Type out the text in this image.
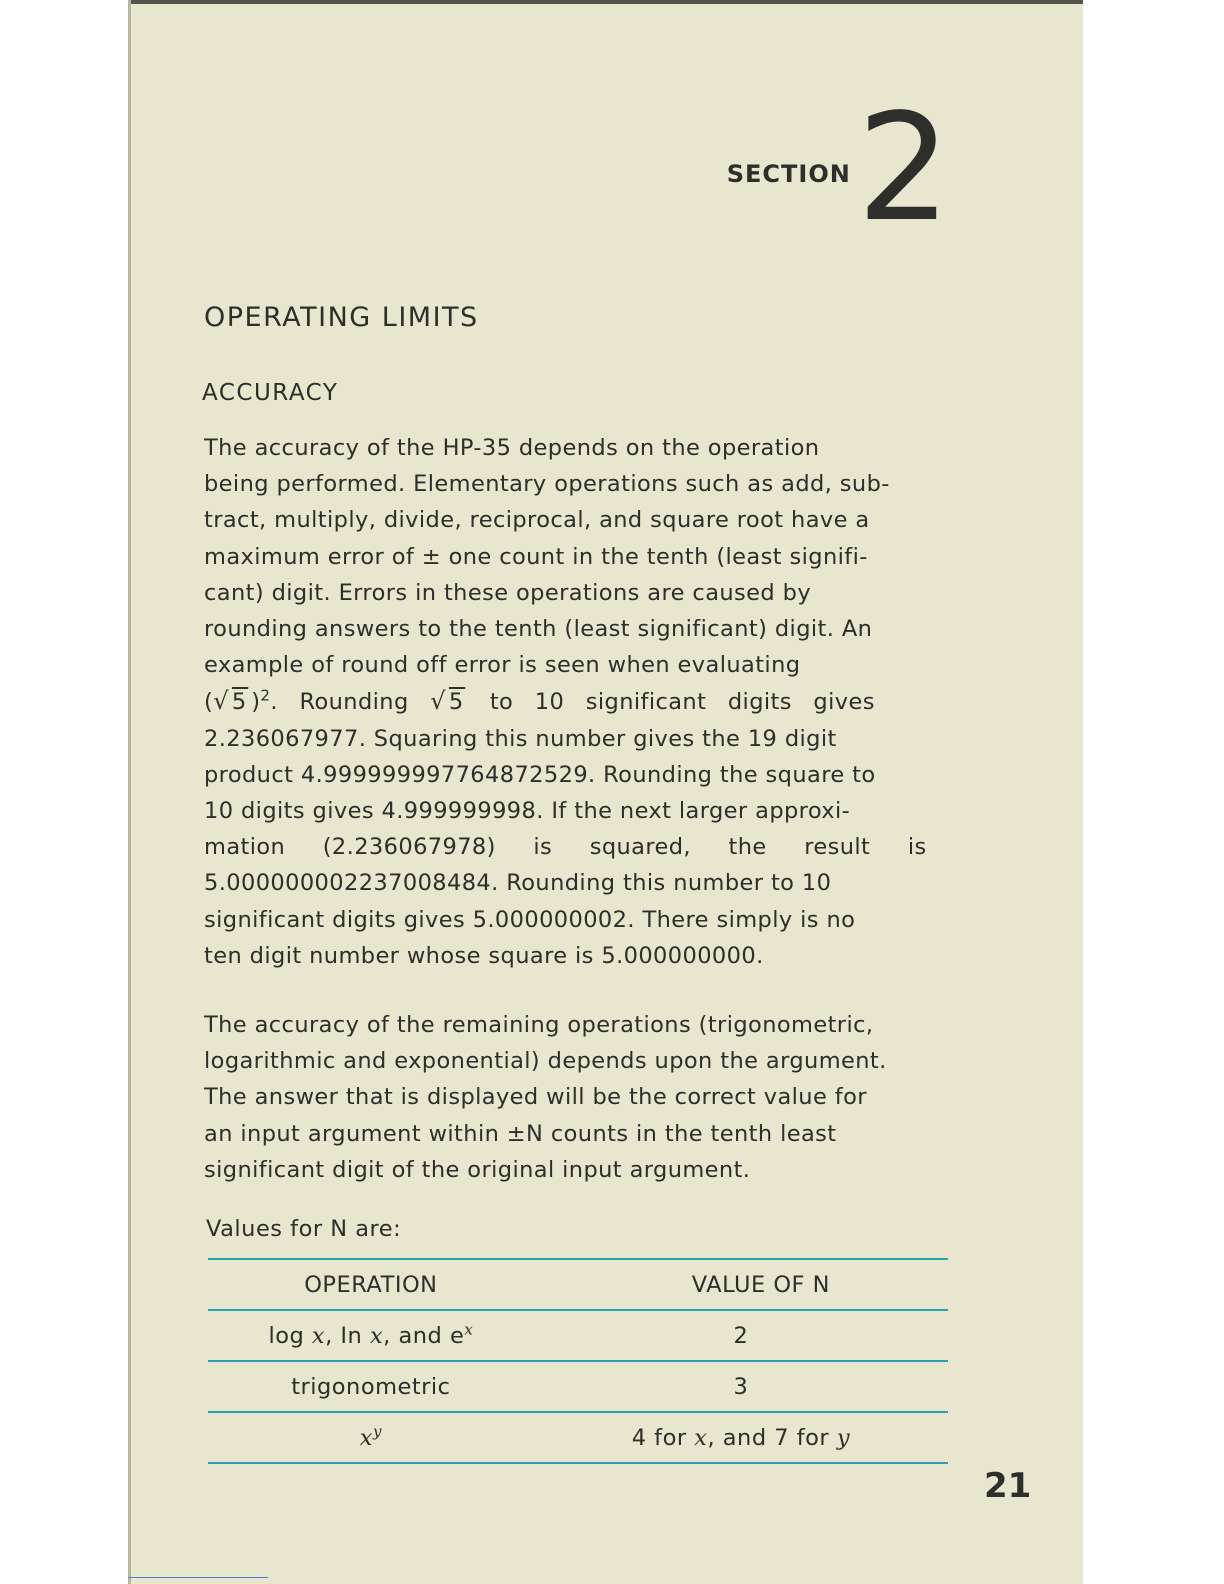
SECTION 2
OPERATING LIMITS
ACCURACY
The accuracy of the HP-35 depends on the operation
being performed. Elementary operations such as add, sub-
tract, multiply, divide, reciprocal, and square root have a
maximum error of ± one count in the tenth (least signifi-
cant) digit. Errors in these operations are caused by
rounding answers to the tenth (least significant) digit. An
example of round off error is seen when evaluating
(√ 5 )$^2$. Rounding √ 5 to 10 significant digits gives
2.236067977. Squaring this number gives the 19 digit
product 4.999999997764872529. Rounding the square to
10 digits gives 4.999999998. If the next larger approxi-
mation (2.236067978) is squared, the result is
5.000000002237008484. Rounding this number to 10
significant digits gives 5.000000002. There simply is no
ten digit number whose square is 5.000000000.
The accuracy of the remaining operations (trigonometric,
logarithmic and exponential) depends upon the argument.
The answer that is displayed will be the correct value for
an input argument within ±N counts in the tenth least
significant digit of the original input argument.

Values for N are:

OPERATION	VALUE OF N
log x, In x, and $e^x$	2
trigonometric	3
$x^y$	4 for x, and 7 for y
21
